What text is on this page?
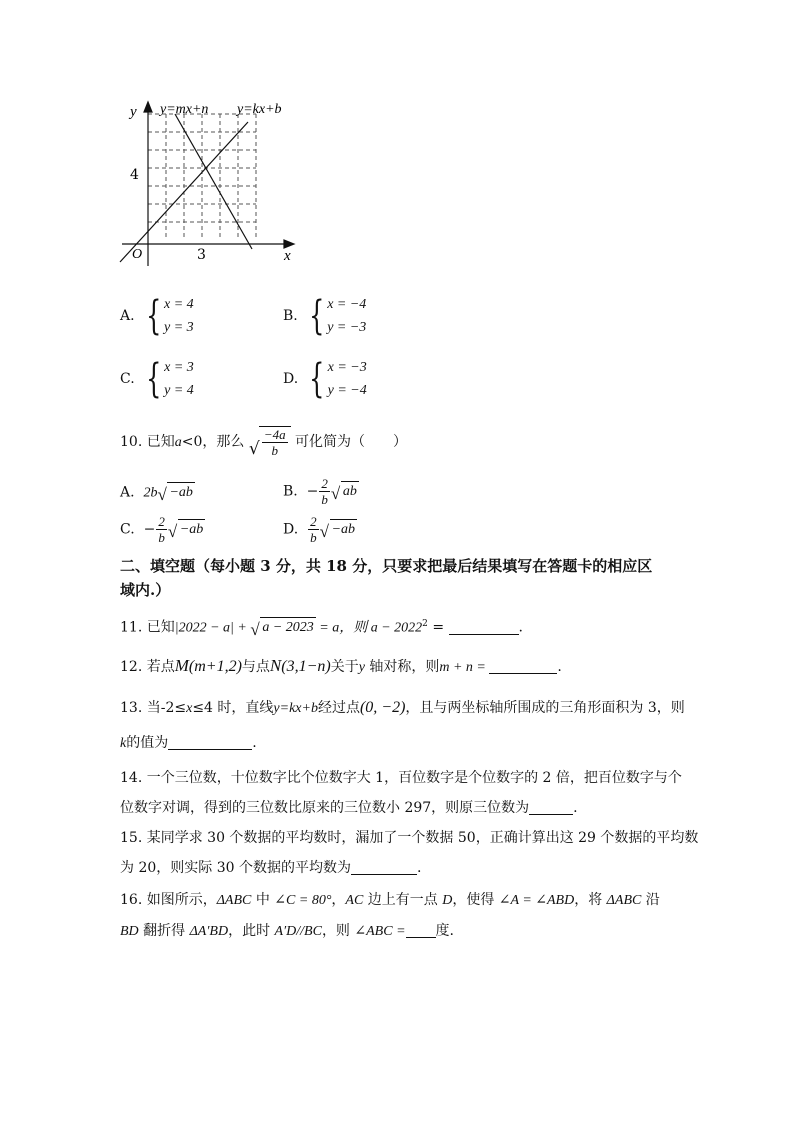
y
x
O
4
3
y=mx+n y=kx+b
A. { x = 4
y = 3
B. { x = −4
y = −3
C. { x = 3
y = 4
D. { x = −3
y = −4
10. 已知a<0，那么 √ $\frac{-4a}{b}$ 可化简为（　　）
A. 2b √ −ab	B. − $\frac{2}{b}$ √ ab
C. − $\frac{2}{b}$ √ −ab	D. $\frac{2}{b}$ √ −ab
二、填空题（每小题 3 分，共 18 分，只要求把最后结果填写在答题卡的相应区
域内.）
11. 已知|2022 − a| + √ a − 2023 = a，则 $a - 2022^2$ =	.
12. 若点M(m+1,2)与点N(3,1−n)关于y 轴对称，则m + n =	.
13. 当-2≤x≤4 时，直线y=kx+b经过点(0, −2)，且与两坐标轴所围成的三角形面积为 3，则
k的值为	.
14. 一个三位数，十位数字比个位数字大 1，百位数字是个位数字的 2 倍，把百位数字与个
位数字对调，得到的三位数比原来的三位数小 297，则原三位数为	.
15. 某同学求 30 个数据的平均数时，漏加了一个数据 50，正确计算出这 29 个数据的平均数
为 20，则实际 30 个数据的平均数为	.
16. 如图所示，ΔABC 中 ∠C = 80°，AC 边上有一点 D，使得 ∠A = ∠ABD，将 ΔABC 沿
BD 翻折得 ΔA′BD，此时 A′D//BC，则 ∠ABC = 度.
